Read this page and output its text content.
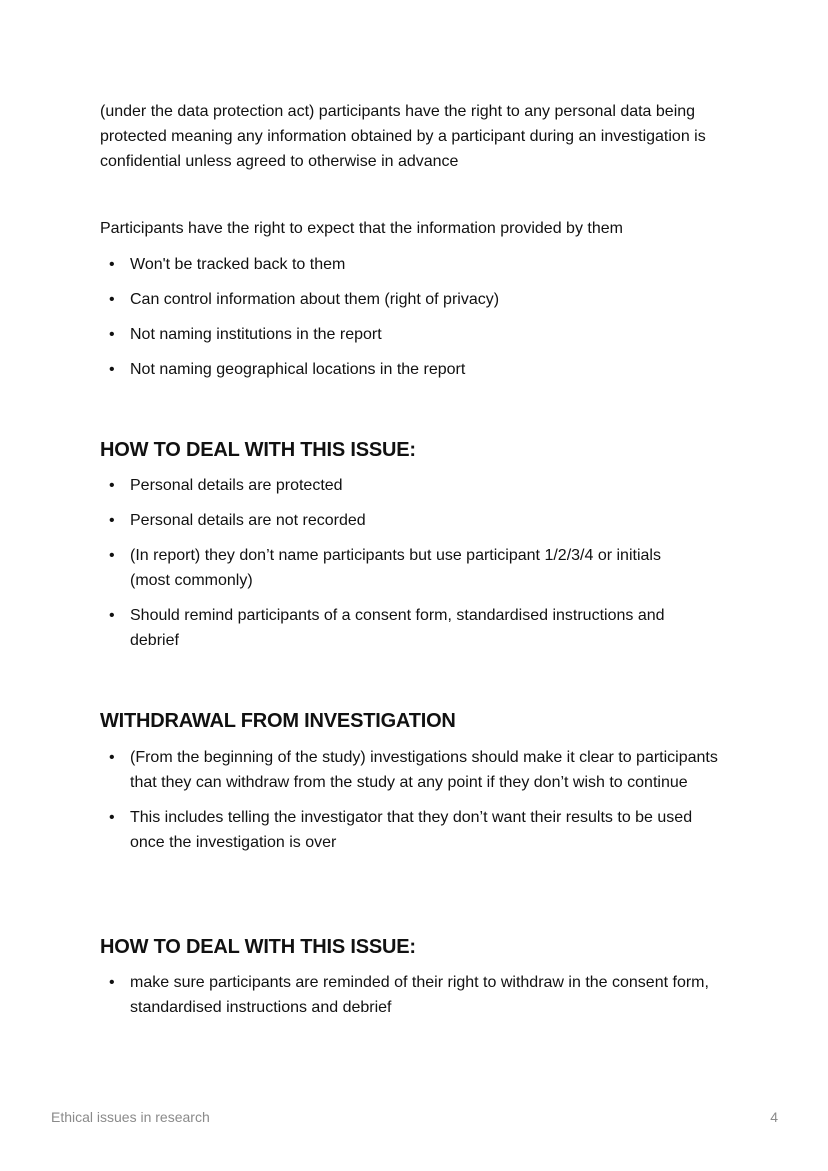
(under the data protection act) participants have the right to any personal data being protected meaning any information obtained by a participant during an investigation is confidential unless agreed to otherwise in advance

Participants have the right to expect that the information provided by them

• Won't be tracked back to them
• Can control information about them (right of privacy)
• Not naming institutions in the report
• Not naming geographical locations in the report
HOW TO DEAL WITH THIS ISSUE:
• Personal details are protected
• Personal details are not recorded
• (In report) they don’t name participants but use participant 1/2/3/4 or initials (most commonly)
• Should remind participants of a consent form, standardised instructions and debrief
WITHDRAWAL FROM INVESTIGATION
• (From the beginning of the study) investigations should make it clear to participants that they can withdraw from the study at any point if they don’t wish to continue
• This includes telling the investigator that they don’t want their results to be used once the investigation is over
HOW TO DEAL WITH THIS ISSUE:
• make sure participants are reminded of their right to withdraw in the consent form, standardised instructions and debrief
Ethical issues in research	4
